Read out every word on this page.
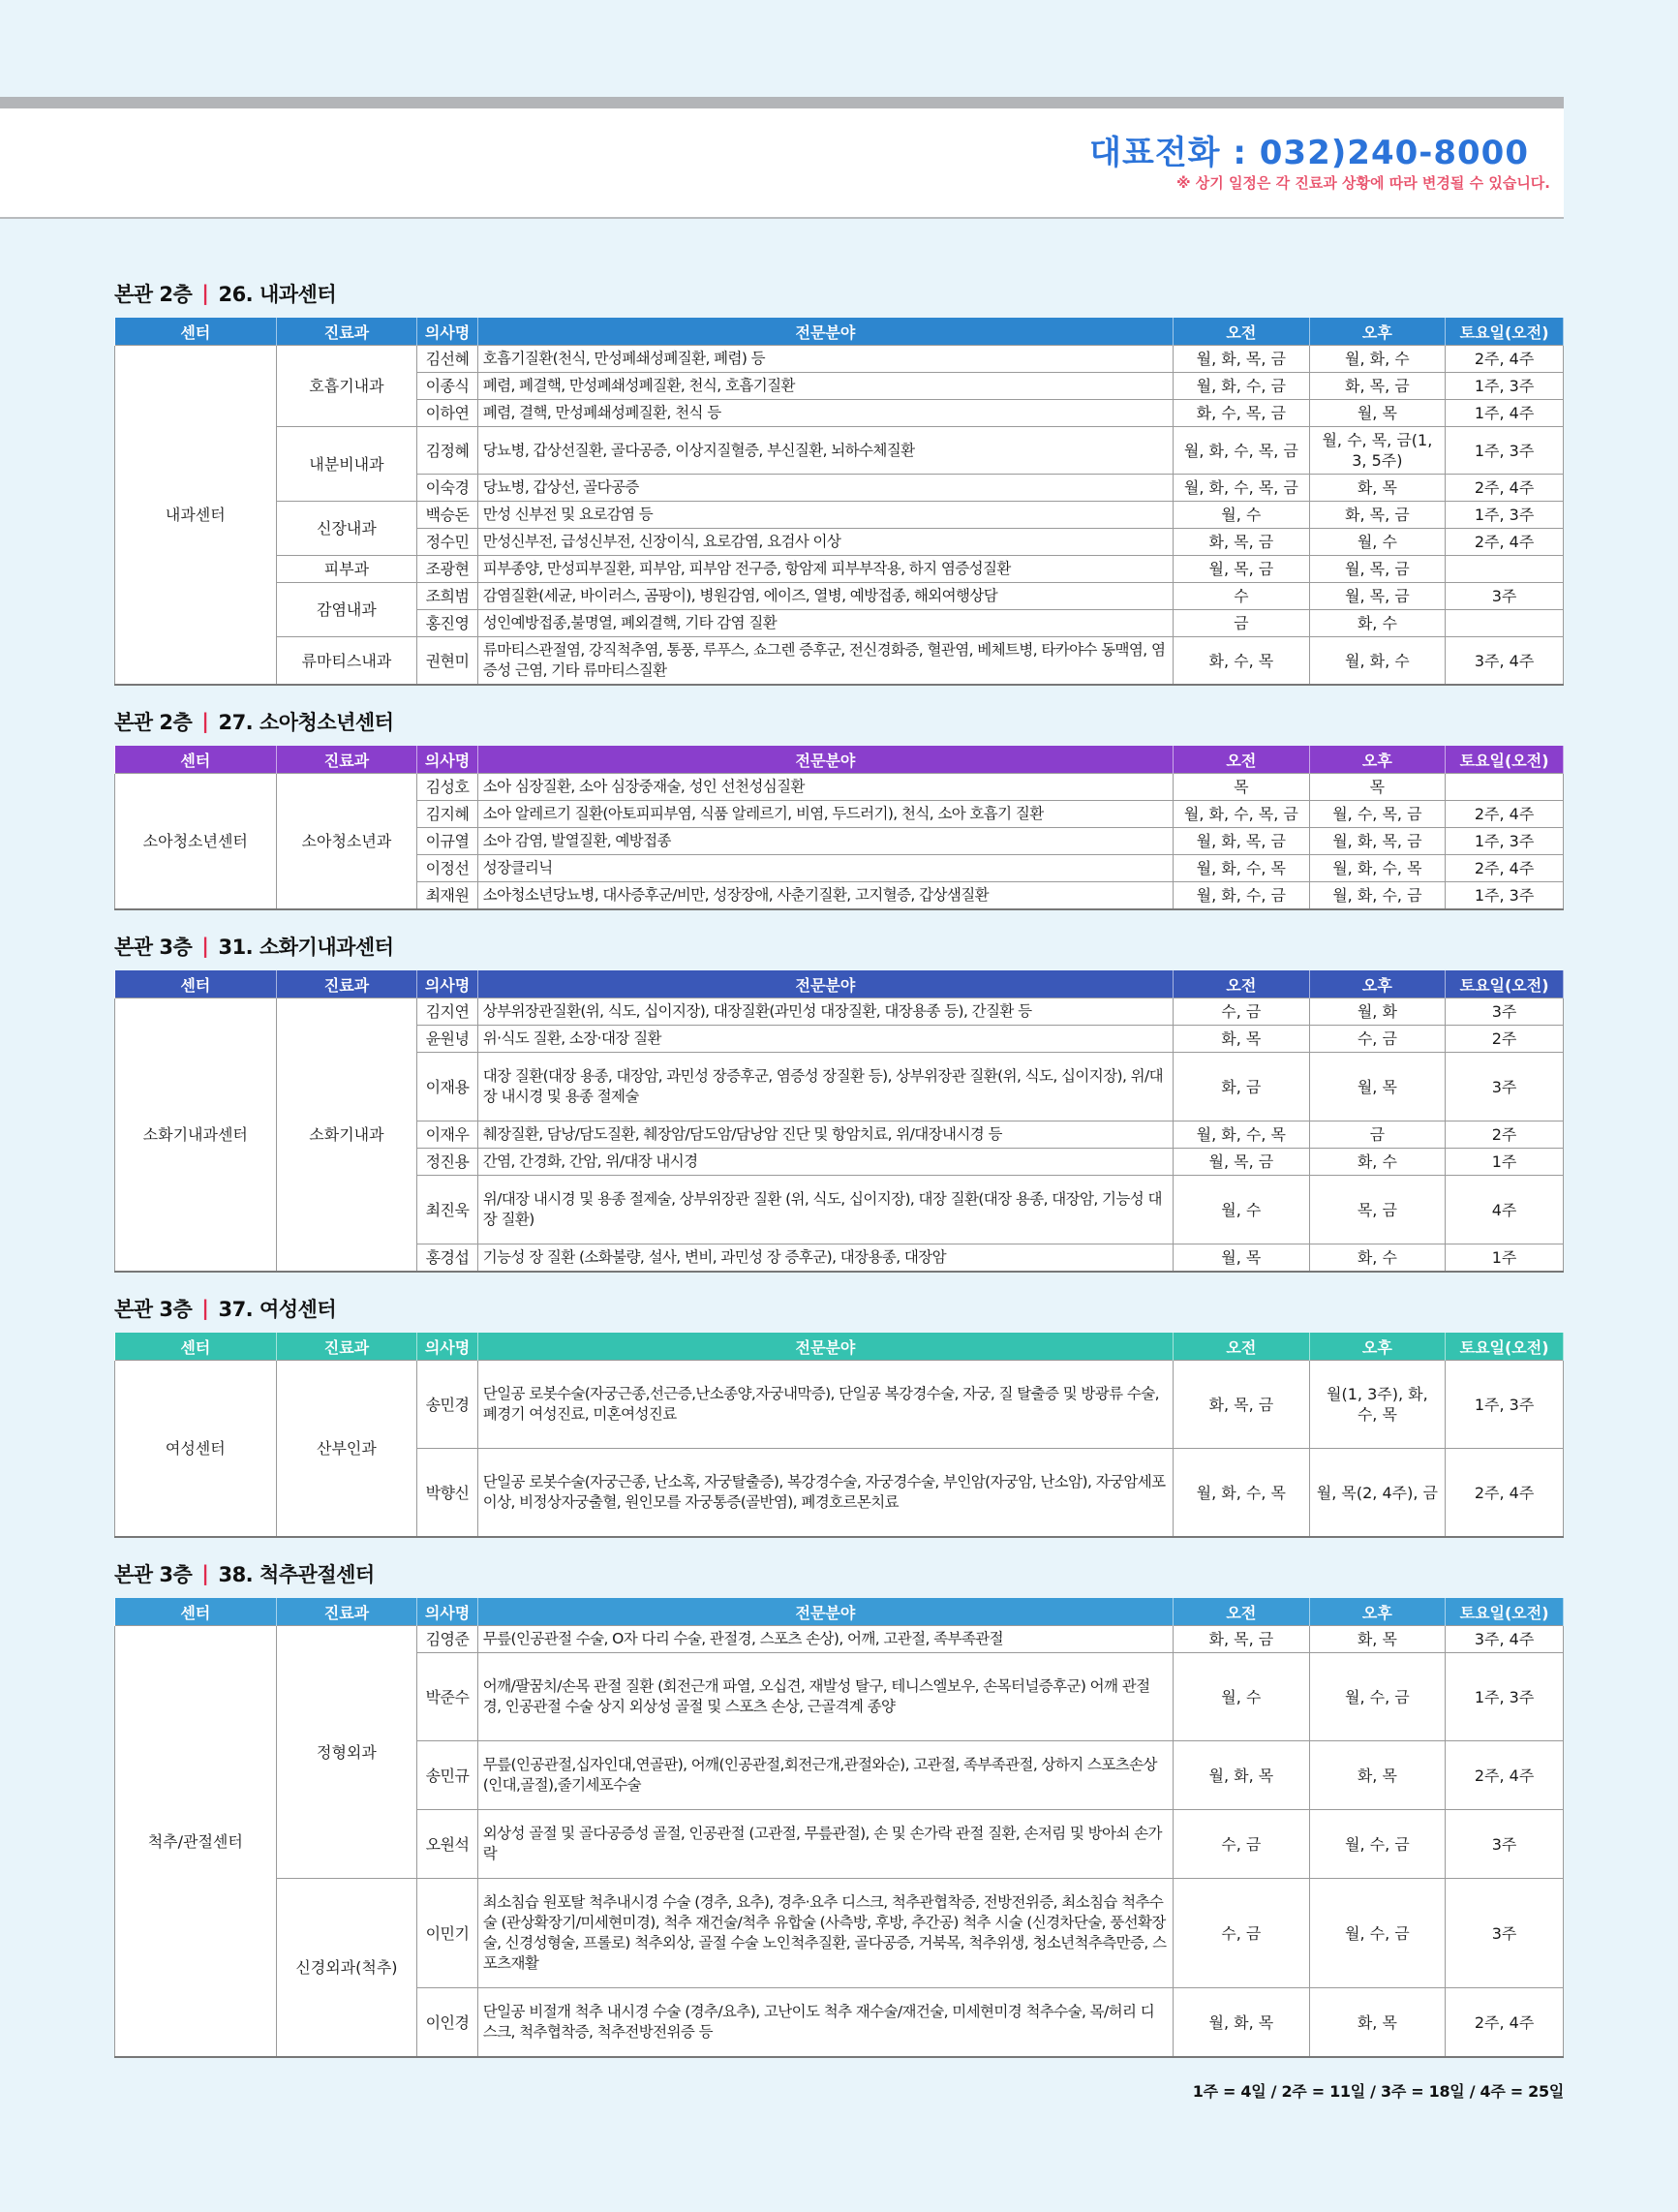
대표전화 : 032)240-8000
※ 상기 일정은 각 진료과 상황에 따라 변경될 수 있습니다.
본관 2층 | 26. 내과센터
센터	진료과	의사명	전문분야	오전	오후	토요일(오전)
내과센터	호흡기내과	김선혜	호흡기질환(천식, 만성폐쇄성폐질환, 폐렴) 등	월, 화, 목, 금	월, 화, 수	2주, 4주
		이종식	폐렴, 폐결핵, 만성폐쇄성폐질환, 천식, 호흡기질환	월, 화, 수, 금	화, 목, 금	1주, 3주
		이하연	폐렴, 결핵, 만성폐쇄성폐질환, 천식 등	화, 수, 목, 금	월, 목	1주, 4주
	내분비내과	김정혜	당뇨병, 갑상선질환, 골다공증, 이상지질혈증, 부신질환, 뇌하수체질환	월, 화, 수, 목, 금	월, 수, 목, 금(1, 3, 5주)	1주, 3주
		이숙경	당뇨병, 갑상선, 골다공증	월, 화, 수, 목, 금	화, 목	2주, 4주
	신장내과	백승돈	만성 신부전 및 요로감염 등	월, 수	화, 목, 금	1주, 3주
		정수민	만성신부전, 급성신부전, 신장이식, 요로감염, 요검사 이상	화, 목, 금	월, 수	2주, 4주
	피부과	조광현	피부종양, 만성피부질환, 피부암, 피부암 전구증, 항암제 피부부작용, 하지 염증성질환	월, 목, 금	월, 목, 금	
	감염내과	조희범	감염질환(세균, 바이러스, 곰팡이), 병원감염, 에이즈, 열병, 예방접종, 해외여행상담	수	월, 목, 금	3주
		홍진영	성인예방접종,불명열, 폐외결핵, 기타 감염 질환	금	화, 수	
	류마티스내과	권현미	류마티스관절염, 강직척추염, 통풍, 루푸스, 쇼그렌 증후군, 전신경화증, 혈관염, 베체트병, 타카야수 동맥염, 염증성 근염, 기타 류마티스질환	화, 수, 목	월, 화, 수	3주, 4주
본관 2층 | 27. 소아청소년센터
센터	진료과	의사명	전문분야	오전	오후	토요일(오전)
소아청소년센터	소아청소년과	김성호	소아 심장질환, 소아 심장중재술, 성인 선천성심질환	목	목	
		김지혜	소아 알레르기 질환(아토피피부염, 식품 알레르기, 비염, 두드러기), 천식, 소아 호흡기 질환	월, 화, 수, 목, 금	월, 수, 목, 금	2주, 4주
		이규열	소아 감염, 발열질환, 예방접종	월, 화, 목, 금	월, 화, 목, 금	1주, 3주
		이정선	성장클리닉	월, 화, 수, 목	월, 화, 수, 목	2주, 4주
		최재원	소아청소년당뇨병, 대사증후군/비만, 성장장애, 사춘기질환, 고지혈증, 갑상샘질환	월, 화, 수, 금	월, 화, 수, 금	1주, 3주
본관 3층 | 31. 소화기내과센터
센터	진료과	의사명	전문분야	오전	오후	토요일(오전)
소화기내과센터	소화기내과	김지연	상부위장관질환(위, 식도, 십이지장), 대장질환(과민성 대장질환, 대장용종 등), 간질환 등	수, 금	월, 화	3주
		윤원녕	위·식도 질환, 소장·대장 질환	화, 목	수, 금	2주
		이재용	대장 질환(대장 용종, 대장암, 과민성 장증후군, 염증성 장질환 등), 상부위장관 질환(위, 식도, 십이지장), 위/대장 내시경 및 용종 절제술	화, 금	월, 목	3주
		이재우	췌장질환, 담낭/담도질환, 췌장암/담도암/담낭암 진단 및 항암치료, 위/대장내시경 등	월, 화, 수, 목	금	2주
		정진용	간염, 간경화, 간암, 위/대장 내시경	월, 목, 금	화, 수	1주
		최진욱	위/대장 내시경 및 용종 절제술, 상부위장관 질환 (위, 식도, 십이지장), 대장 질환(대장 용종, 대장암, 기능성 대장 질환)	월, 수	목, 금	4주
		홍경섭	기능성 장 질환 (소화불량, 설사, 변비, 과민성 장 증후군), 대장용종, 대장암	월, 목	화, 수	1주
본관 3층 | 37. 여성센터
센터	진료과	의사명	전문분야	오전	오후	토요일(오전)
여성센터	산부인과	송민경	단일공 로봇수술(자궁근종,선근증,난소종양,자궁내막증), 단일공 복강경수술, 자궁, 질 탈출증 및 방광류 수술, 폐경기 여성진료, 미혼여성진료	화, 목, 금	월(1, 3주), 화, 수, 목	1주, 3주
		박향신	단일공 로봇수술(자궁근종, 난소혹, 자궁탈출증), 복강경수술, 자궁경수술, 부인암(자궁암, 난소암), 자궁암세포이상, 비정상자궁출혈, 원인모를 자궁통증(골반염), 폐경호르몬치료	월, 화, 수, 목	월, 목(2, 4주), 금	2주, 4주
본관 3층 | 38. 척추관절센터
센터	진료과	의사명	전문분야	오전	오후	토요일(오전)
척추/관절센터	정형외과	김영준	무릎(인공관절 수술, O자 다리 수술, 관절경, 스포츠 손상), 어깨, 고관절, 족부족관절	화, 목, 금	화, 목	3주, 4주
		박준수	어깨/팔꿈치/손목 관절 질환 (회전근개 파열, 오십견, 재발성 탈구, 테니스엘보우, 손목터널증후군) 어깨 관절경, 인공관절 수술 상지 외상성 골절 및 스포츠 손상, 근골격계 종양	월, 수	월, 수, 금	1주, 3주
		송민규	무릎(인공관절,십자인대,연골판), 어깨(인공관절,회전근개,관절와순), 고관절, 족부족관절, 상하지 스포츠손상(인대,골절),줄기세포수술	월, 화, 목	화, 목	2주, 4주
		오원석	외상성 골절 및 골다공증성 골절, 인공관절 (고관절, 무릎관절), 손 및 손가락 관절 질환, 손저림 및 방아쇠 손가락	수, 금	월, 수, 금	3주
	신경외과(척추)	이민기	최소침습 원포탈 척추내시경 수술 (경추, 요추), 경추·요추 디스크, 척추관협착증, 전방전위증, 최소침습 척추수술 (관상확장기/미세현미경), 척추 재건술/척추 유합술 (사측방, 후방, 추간공) 척추 시술 (신경차단술, 풍선확장술, 신경성형술, 프롤로) 척추외상, 골절 수술 노인척추질환, 골다공증, 거북목, 척추위생, 청소년척추측만증, 스포츠재활	수, 금	월, 수, 금	3주
		이인경	단일공 비절개 척추 내시경 수술 (경추/요추), 고난이도 척추 재수술/재건술, 미세현미경 척추수술, 목/허리 디스크, 척추협착증, 척추전방전위증 등	월, 화, 목	화, 목	2주, 4주
1주 = 4일 / 2주 = 11일 / 3주 = 18일 / 4주 = 25일
